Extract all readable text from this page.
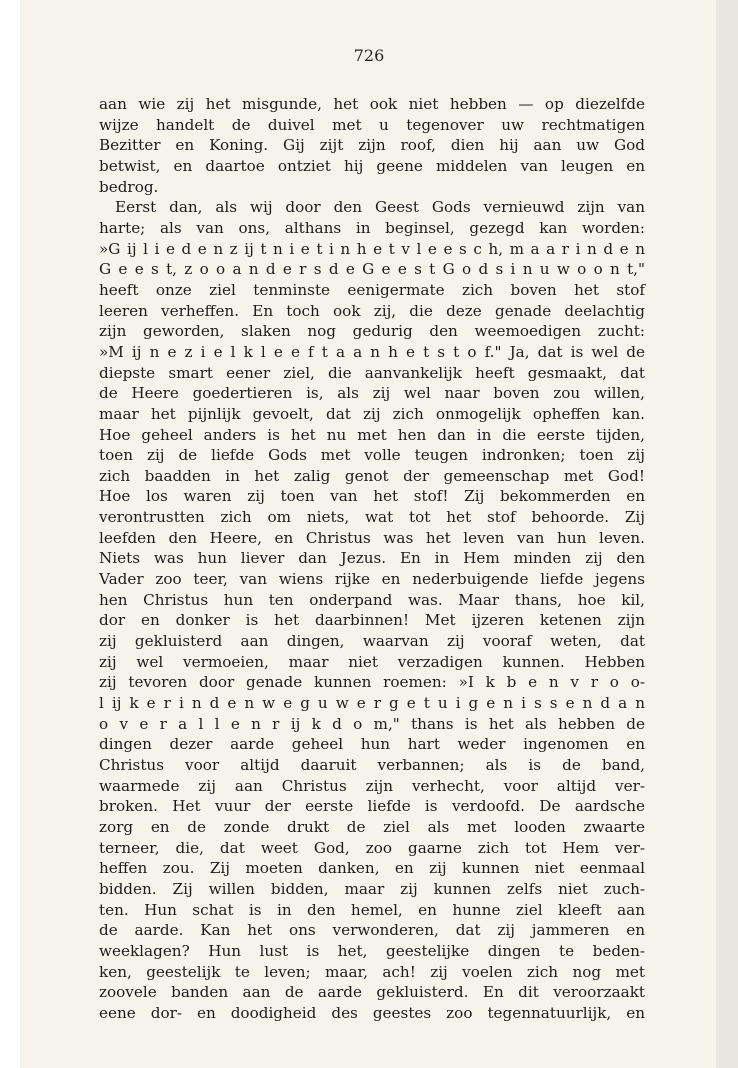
726
aan wie zij het misgunde, het ook niet hebben — op diezelfde
wijze handelt de duivel met u tegenover uw rechtmatigen
Bezitter en Koning. Gij zijt zijn roof, dien hij aan uw God
betwist, en daartoe ontziet hij geene middelen van leugen en
bedrog.
Eerst dan, als wij door den Geest Gods vernieuwd zijn van
harte; als van ons, althans in beginsel, gezegd kan worden:
»G ij l i e d e n z ij t n i e t i n h e t v l e e s c h, m a a r i n d e n
G e e s t, z o o a n d e r s d e G e e s t G o d s i n u w o o n t,"
heeft onze ziel tenminste eenigermate zich boven het stof
leeren verheffen. En toch ook zij, die deze genade deelachtig
zijn geworden, slaken nog gedurig den weemoedigen zucht:
»M ij n e z i e l k l e e f t a a n h e t s t o f." Ja, dat is wel de
diepste smart eener ziel, die aanvankelijk heeft gesmaakt, dat
de Heere goedertieren is, als zij wel naar boven zou willen,
maar het pijnlijk gevoelt, dat zij zich onmogelijk opheffen kan.
Hoe geheel anders is het nu met hen dan in die eerste tijden,
toen zij de liefde Gods met volle teugen indronken; toen zij
zich baadden in het zalig genot der gemeenschap met God!
Hoe los waren zij toen van het stof! Zij bekommerden en
verontrustten zich om niets, wat tot het stof behoorde. Zij
leefden den Heere, en Christus was het leven van hun leven.
Niets was hun liever dan Jezus. En in Hem minden zij den
Vader zoo teer, van wiens rijke en nederbuigende liefde jegens
hen Christus hun ten onderpand was. Maar thans, hoe kil,
dor en donker is het daarbinnen! Met ijzeren ketenen zijn
zij gekluisterd aan dingen, waarvan zij vooraf weten, dat
zij wel vermoeien, maar niet verzadigen kunnen. Hebben
zij tevoren door genade kunnen roemen: »I k b e n v r o o-
l ij k e r i n d e n w e g u w e r g e t u i g e n i s s e n d a n
o v e r a l l e n r ij k d o m," thans is het als hebben de
dingen dezer aarde geheel hun hart weder ingenomen en
Christus voor altijd daaruit verbannen; als is de band,
waarmede zij aan Christus zijn verhecht, voor altijd ver-
broken. Het vuur der eerste liefde is verdoofd. De aardsche
zorg en de zonde drukt de ziel als met looden zwaarte
terneer, die, dat weet God, zoo gaarne zich tot Hem ver-
heffen zou. Zij moeten danken, en zij kunnen niet eenmaal
bidden. Zij willen bidden, maar zij kunnen zelfs niet zuch-
ten. Hun schat is in den hemel, en hunne ziel kleeft aan
de aarde. Kan het ons verwonderen, dat zij jammeren en
weeklagen? Hun lust is het, geestelijke dingen te beden-
ken, geestelijk te leven; maar, ach! zij voelen zich nog met
zoovele banden aan de aarde gekluisterd. En dit veroorzaakt
eene dor- en doodigheid des geestes zoo tegennatuurlijk, en
